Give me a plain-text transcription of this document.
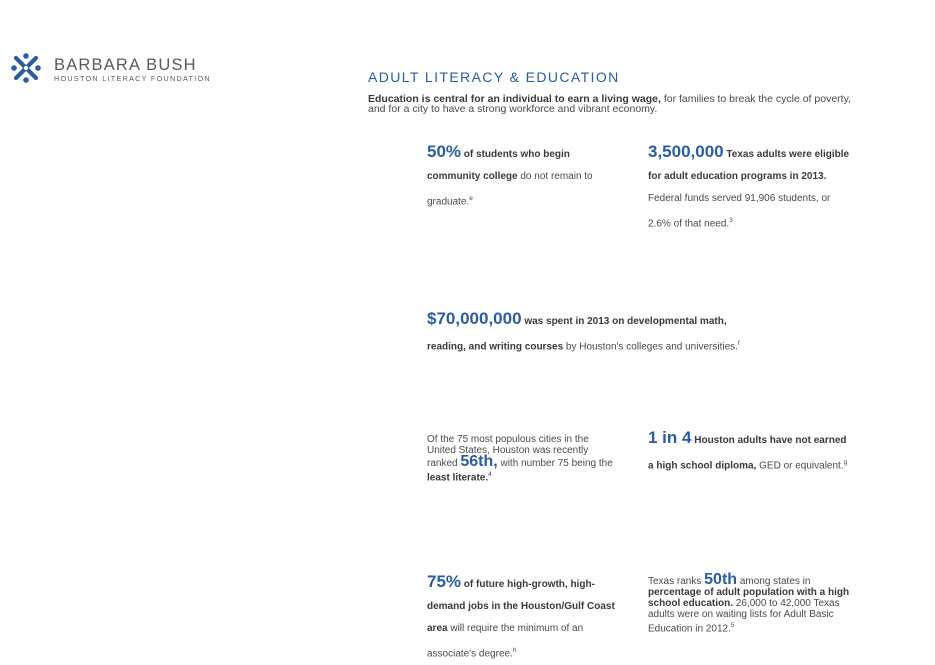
BARBARA BUSH
HOUSTON LITERACY FOUNDATION	ADULT LITERACY & EDUCATION
Education is central for an individual to earn a living wage, for families to break the cycle of poverty, and for a city to have a strong workforce and vibrant economy.
50% of students who begin community college do not remain to graduate.$^e$
3,500,000 Texas adults were eligible for adult education programs in 2013. Federal funds served 91,906 students, or 2.6% of that need.$^3$
$70,000,000 was spent in 2013 on developmental math, reading, and writing courses by Houston's colleges and universities.$^f$
Of the 75 most populous cities in the United States, Houston was recently ranked 56th, with number 75 being the least literate.$^4$
1 in 4 Houston adults have not earned a high school diploma, GED or equivalent.$^g$
75% of future high-growth, high-demand jobs in the Houston/Gulf Coast area will require the minimum of an associate's degree.$^h$
Texas ranks 50th among states in percentage of adult population with a high school education. 26,000 to 42,000 Texas adults were on waiting lists for Adult Basic Education in 2012.$^5$
